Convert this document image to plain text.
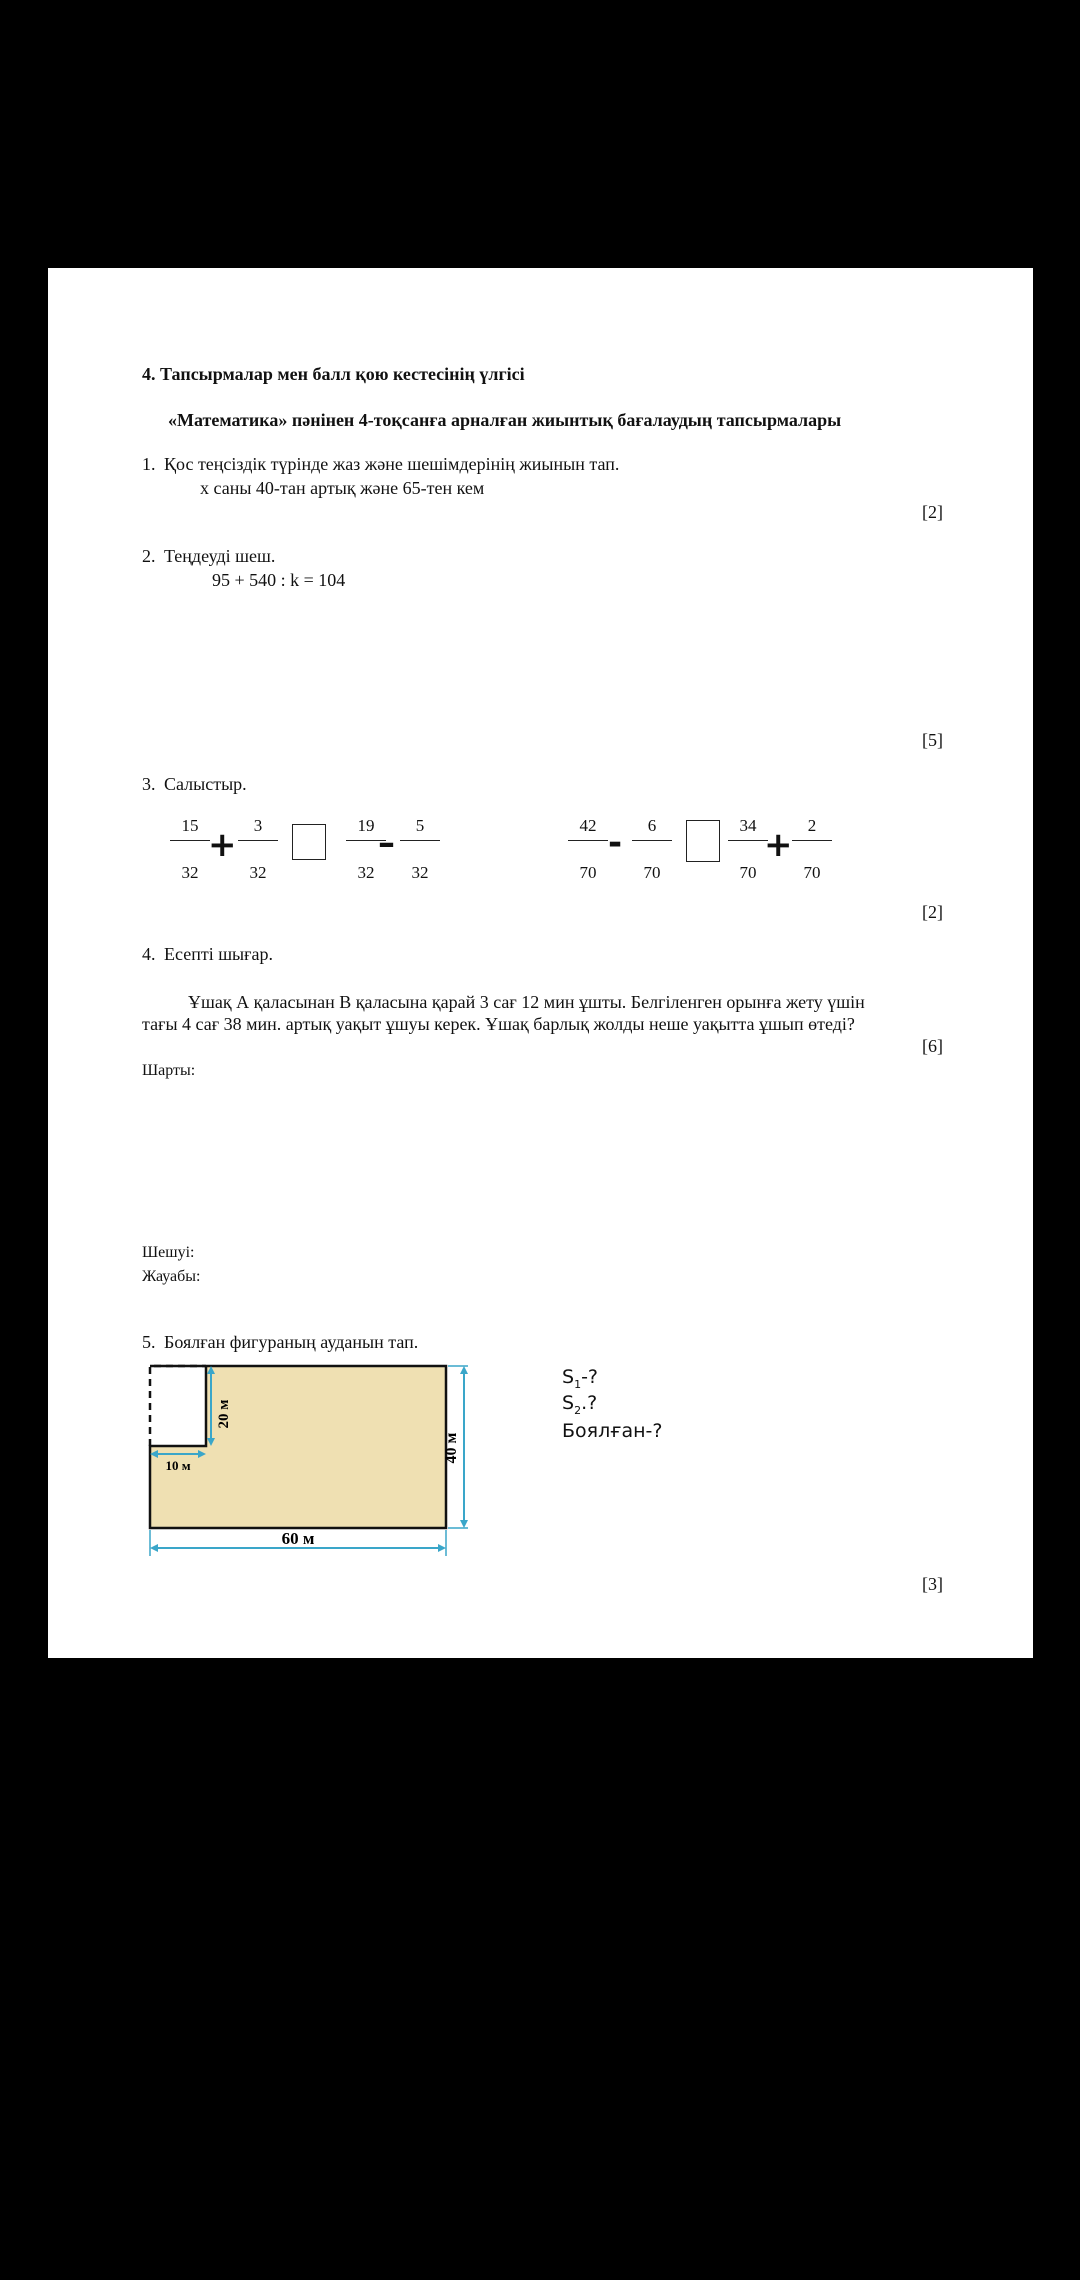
4. Тапсырмалар мен балл қою кестесінің үлгісі
«Математика» пәнінен 4-тоқсанға арналған жиынтық бағалаудың тапсырмалары
1. Қос теңсіздік түрінде жаз және шешімдерінің жиынын тап.
х саны 40-тан артық және 65-тен кем
[2]
2. Теңдеуді шеш.
95 + 540 : k = 104
[5]
3. Салыстыр.
$\frac{15}{32}$
+ $\frac{3}{32}$	$\frac{19}{32}$
– $\frac{5}{32}$	$\frac{42}{70} - \frac{6}{70}$	$\frac{34}{70}$
+ $\frac{2}{70}$
[2]
4. Есепті шығар.
Ұшақ А қаласынан В қаласына қарай 3 сағ 12 мин ұшты. Белгіленген орынға жету үшін
тағы 4 сағ 38 мин. артық уақыт ұшуы керек. Ұшақ барлық жолды неше уақытта ұшып өтеді?
[6]
Шарты:
Шешуі:
Жауабы:
5. Боялған фигураның ауданын тап.
20 м
10 м
40 м
60 м
$S_1-$?
$S_2$.?
Боялған-?
[3]
